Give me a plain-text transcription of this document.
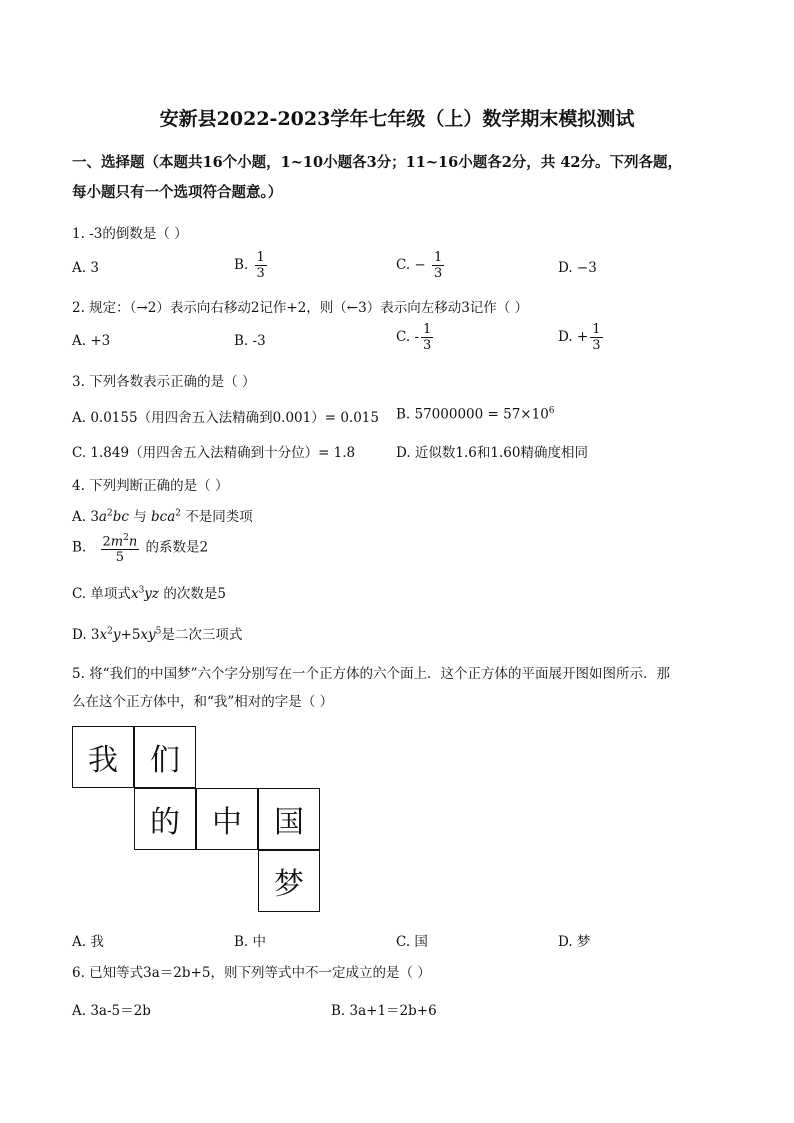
安新县2022-2023学年七年级（上）数学期末模拟测试
一、选择题（本题共16个小题，1~10小题各3分；11~16小题各2分，共 42分。下列各题，
每小题只有一个选项符合题意。）
1. -3的倒数是（ ）
A. 3	B. $\frac{1}{3}$	C. − $\frac{1}{3}$	D. −3
2. 规定：（→2）表示向右移动2记作+2，则（←3）表示向左移动3记作（ ）
A. +3	B. -3	C. - $\frac{1}{3}$	D. + $\frac{1}{3}$
3. 下列各数表示正确的是（ ）
A. 0.0155（用四舍五入法精确到0.001）= 0.015 B. $57000000 = 57\times 10^6$
C. 1.849（用四舍五入法精确到十分位）= 1.8	D. 近似数1.6和1.60精确度相同
4. 下列判断正确的是（ ）
A. $3a^2bc$ 与 bca$^2$ 不是同类项
B. $\frac{2m^2n}{5}$ 的系数是2
C. 单项式$x^3yz$ 的次数是5
D. $3x^2y+5xy^5$是二次三项式
5. 将“我们的中国梦”六个字分别写在一个正方体的六个面上．这个正方体的平面展开图如图所示．那
么在这个正方体中，和“我”相对的字是（ ）
我	们
的	中	国
梦
A. 我	B. 中	C. 国	D. 梦
6. 已知等式3a＝2b+5，则下列等式中不一定成立的是（ ）
A. 3a-5＝2b	B. 3a+1＝2b+6
